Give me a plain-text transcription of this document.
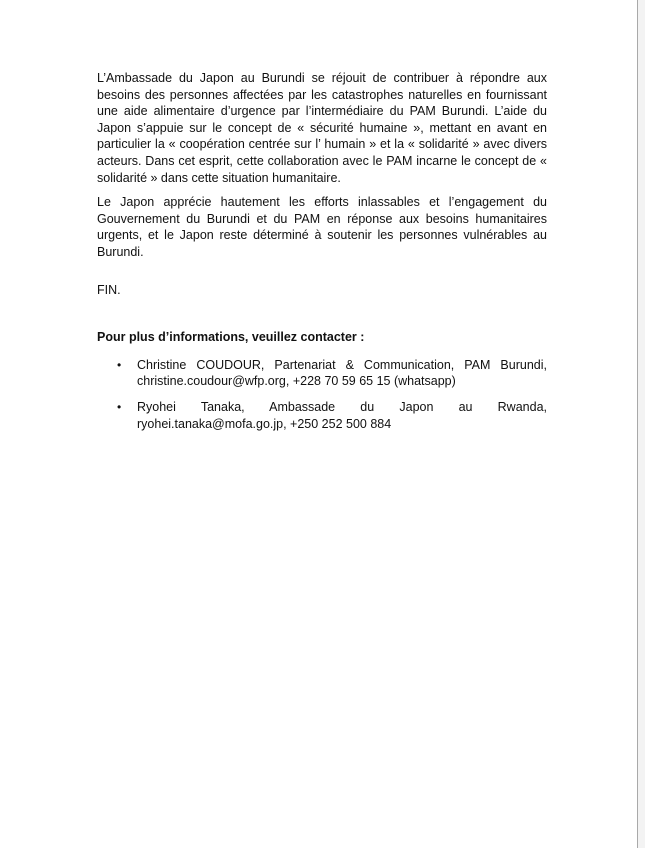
L’Ambassade du Japon au Burundi se réjouit de contribuer à répondre aux besoins des personnes affectées par les catastrophes naturelles en fournissant une aide alimentaire d’urgence par l’intermédiaire du PAM Burundi. L’aide du Japon s’appuie sur le concept de « sécurité humaine », mettant en avant en particulier la « coopération centrée sur l’ humain » et la « solidarité » avec divers acteurs. Dans cet esprit, cette collaboration avec le PAM incarne le concept de « solidarité » dans cette situation humanitaire.

Le Japon apprécie hautement les efforts inlassables et l’engagement du Gouvernement du Burundi et du PAM en réponse aux besoins humanitaires urgents, et le Japon reste déterminé à soutenir les personnes vulnérables au Burundi.

FIN.
Pour plus d’informations, veuillez contacter :
• Christine COUDOUR, Partenariat & Communication, PAM Burundi,
christine.coudour@wfp.org, +228 70 59 65 15 (whatsapp)
• Ryohei Tanaka, Ambassade du Japon au Rwanda,
ryohei.tanaka@mofa.go.jp, +250 252 500 884
